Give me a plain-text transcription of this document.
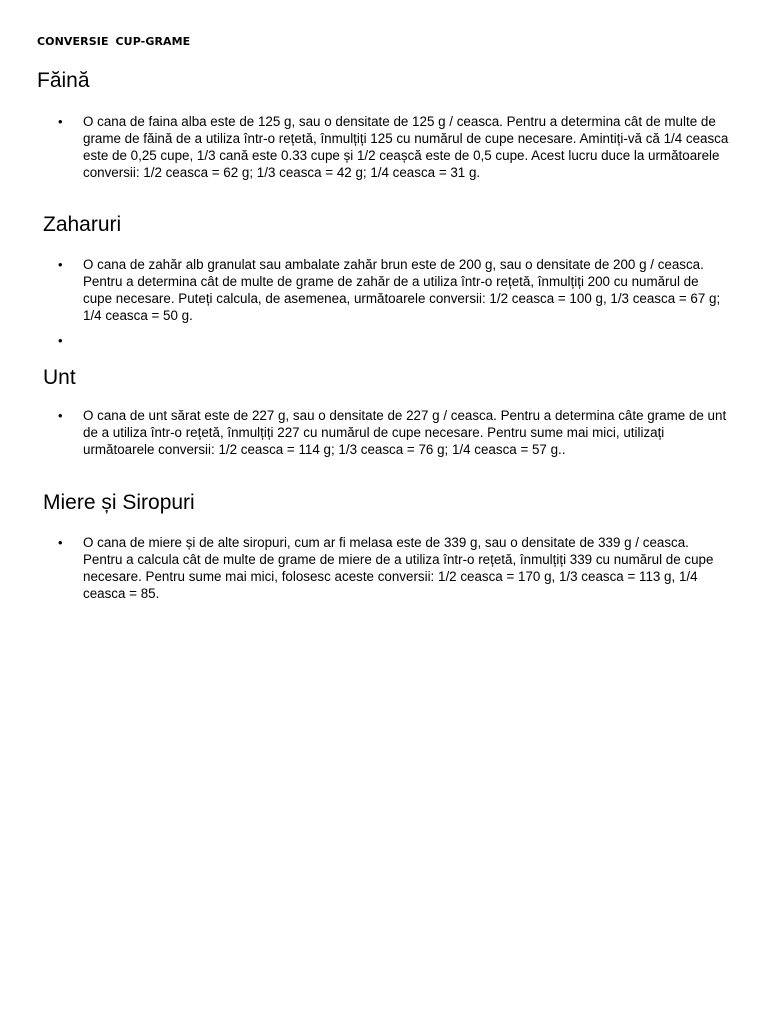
CONVERSIE CUP-GRAME
Făină
• O cana de faina alba este de 125 g, sau o densitate de 125 g / ceasca. Pentru a determina cât de multe de grame de făină de a utiliza într-o rețetă, înmulțiți 125 cu numărul de cupe necesare. Amintiți-vă că 1/4 ceasca este de 0,25 cupe, 1/3 cană este 0.33 cupe și 1/2 ceașcă este de 0,5 cupe. Acest lucru duce la următoarele conversii: 1/2 ceasca = 62 g; 1/3 ceasca = 42 g; 1/4 ceasca = 31 g.
Zaharuri
• O cana de zahăr alb granulat sau ambalate zahăr brun este de 200 g, sau o densitate de 200 g / ceasca. Pentru a determina cât de multe de grame de zahăr de a utiliza într-o rețetă, înmulțiți 200 cu numărul de cupe necesare. Puteți calcula, de asemenea, următoarele conversii: 1/2 ceasca = 100 g, 1/3 ceasca = 67 g; 1/4 ceasca = 50 g.
•
Unt
• O cana de unt sărat este de 227 g, sau o densitate de 227 g / ceasca. Pentru a determina câte grame de unt de a utiliza într-o rețetă, înmulțiți 227 cu numărul de cupe necesare. Pentru sume mai mici, utilizați următoarele conversii: 1/2 ceasca = 114 g; 1/3 ceasca = 76 g; 1/4 ceasca = 57 g..
Miere și Siropuri
• O cana de miere și de alte siropuri, cum ar fi melasa este de 339 g, sau o densitate de 339 g / ceasca. Pentru a calcula cât de multe de grame de miere de a utiliza într-o rețetă, înmulțiți 339 cu numărul de cupe necesare. Pentru sume mai mici, folosesc aceste conversii: 1/2 ceasca = 170 g, 1/3 ceasca = 113 g, 1/4 ceasca = 85.
